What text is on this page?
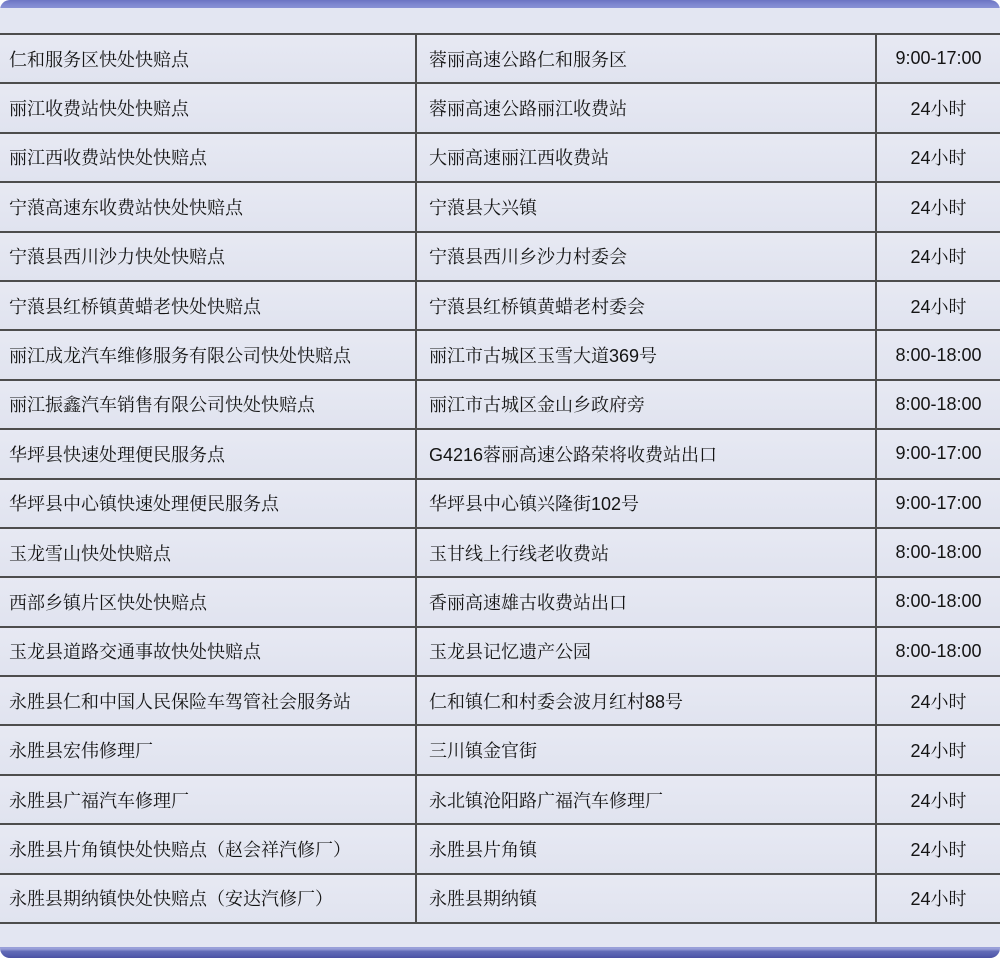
仁和服务区快处快赔点	蓉丽高速公路仁和服务区	9:00-17:00
丽江收费站快处快赔点	蓉丽高速公路丽江收费站	24小时
丽江西收费站快处快赔点	大丽高速丽江西收费站	24小时
宁蒗高速东收费站快处快赔点	宁蒗县大兴镇	24小时
宁蒗县西川沙力快处快赔点	宁蒗县西川乡沙力村委会	24小时
宁蒗县红桥镇黄蜡老快处快赔点	宁蒗县红桥镇黄蜡老村委会	24小时
丽江成龙汽车维修服务有限公司快处快赔点	丽江市古城区玉雪大道369号	8:00-18:00
丽江振鑫汽车销售有限公司快处快赔点	丽江市古城区金山乡政府旁	8:00-18:00
华坪县快速处理便民服务点	G4216蓉丽高速公路荣将收费站出口	9:00-17:00
华坪县中心镇快速处理便民服务点	华坪县中心镇兴隆街102号	9:00-17:00
玉龙雪山快处快赔点	玉甘线上行线老收费站	8:00-18:00
西部乡镇片区快处快赔点	香丽高速雄古收费站出口	8:00-18:00
玉龙县道路交通事故快处快赔点	玉龙县记忆遗产公园	8:00-18:00
永胜县仁和中国人民保险车驾管社会服务站	仁和镇仁和村委会波月红村88号	24小时
永胜县宏伟修理厂	三川镇金官街	24小时
永胜县广福汽车修理厂	永北镇沧阳路广福汽车修理厂	24小时
永胜县片角镇快处快赔点（赵会祥汽修厂）	永胜县片角镇	24小时
永胜县期纳镇快处快赔点（安达汽修厂）	永胜县期纳镇	24小时
